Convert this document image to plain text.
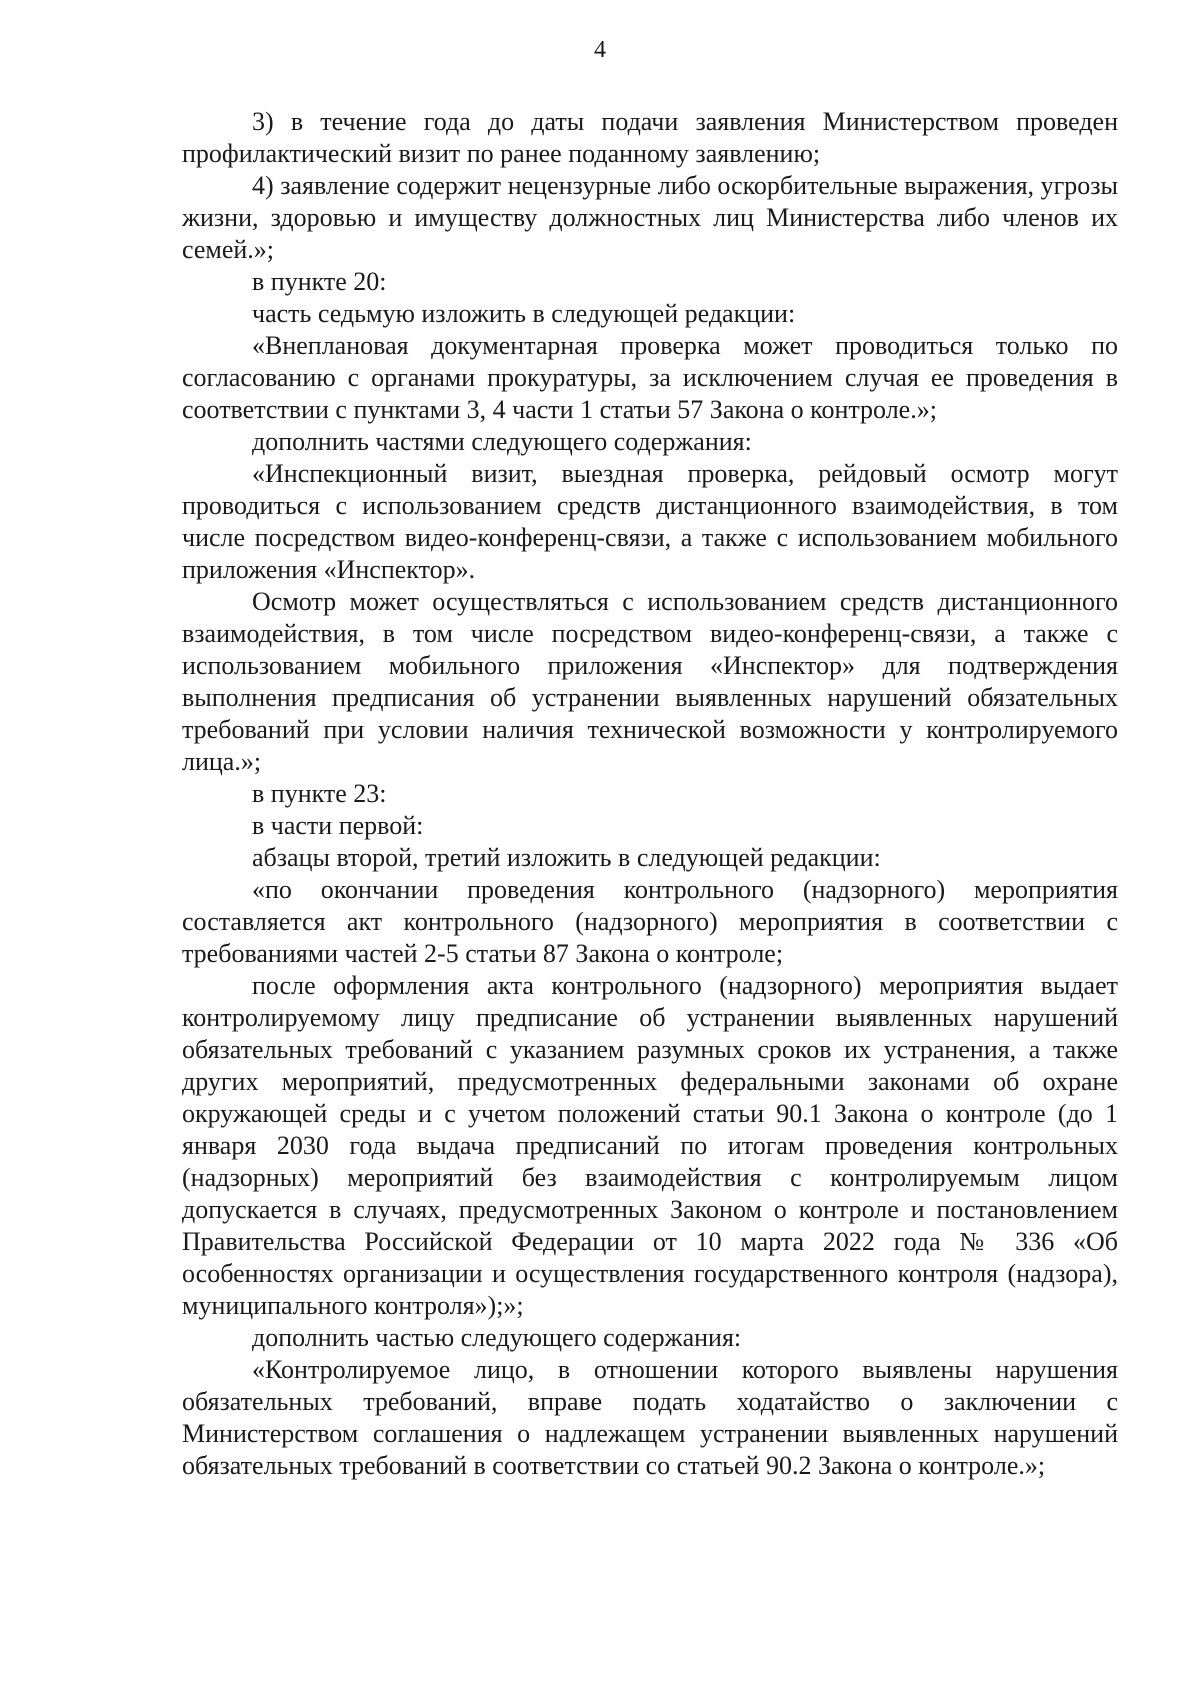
4

3) в течение года до даты подачи заявления Министерством проведен профилактический визит по ранее поданному заявлению;

4) заявление содержит нецензурные либо оскорбительные выражения, угрозы жизни, здоровью и имуществу должностных лиц Министерства либо членов их семей.»;

в пункте 20:

часть седьмую изложить в следующей редакции:

«Внеплановая документарная проверка может проводиться только по согласованию с органами прокуратуры, за исключением случая ее проведения в соответствии с пунктами 3, 4 части 1 статьи 57 Закона о контроле.»;

дополнить частями следующего содержания:

«Инспекционный визит, выездная проверка, рейдовый осмотр могут проводиться с использованием средств дистанционного взаимодействия, в том числе посредством видео-конференц-связи, а также с использованием мобильного приложения «Инспектор».

Осмотр может осуществляться с использованием средств дистанционного взаимодействия, в том числе посредством видео-конференц-связи, а также с использованием мобильного приложения «Инспектор» для подтверждения выполнения предписания об устранении выявленных нарушений обязательных требований при условии наличия технической возможности у контролируемого лица.»;

в пункте 23:

в части первой:

абзацы второй, третий изложить в следующей редакции:

«по окончании проведения контрольного (надзорного) мероприятия составляется акт контрольного (надзорного) мероприятия в соответствии с требованиями частей 2-5 статьи 87 Закона о контроле;

после оформления акта контрольного (надзорного) мероприятия выдает контролируемому лицу предписание об устранении выявленных нарушений обязательных требований с указанием разумных сроков их устранения, а также других мероприятий, предусмотренных федеральными законами об охране окружающей среды и с учетом положений статьи 90.1 Закона о контроле (до 1 января 2030 года выдача предписаний по итогам проведения контрольных (надзорных) мероприятий без взаимодействия с контролируемым лицом допускается в случаях, предусмотренных Законом о контроле и постановлением Правительства Российской Федерации от 10 марта 2022 года № 336 «Об особенностях организации и осуществления государственного контроля (надзора), муниципального контроля»);»;

дополнить частью следующего содержания:

«Контролируемое лицо, в отношении которого выявлены нарушения обязательных требований, вправе подать ходатайство о заключении с Министерством соглашения о надлежащем устранении выявленных нарушений обязательных требований в соответствии со статьей 90.2 Закона о контроле.»;
